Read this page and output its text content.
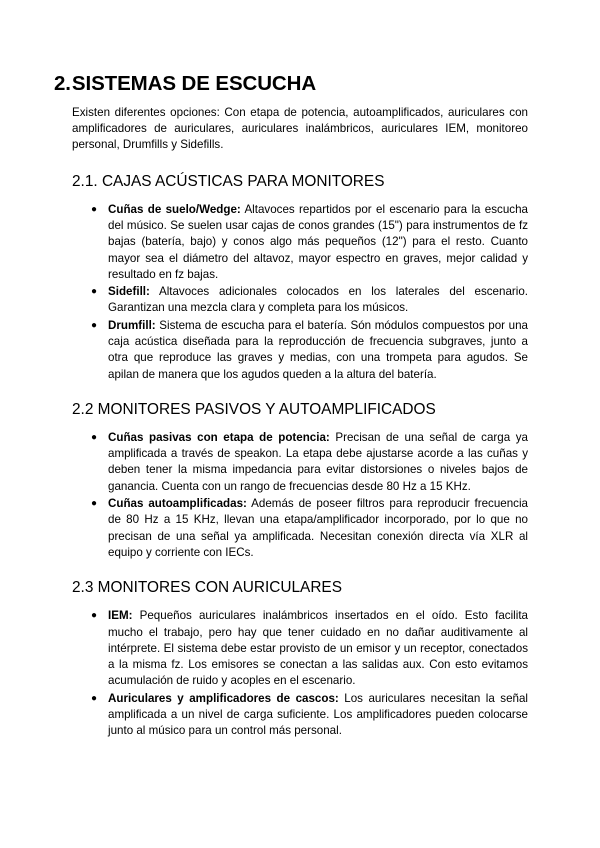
2.SISTEMAS DE ESCUCHA

Existen diferentes opciones: Con etapa de potencia, autoamplificados, auriculares con amplificadores de auriculares, auriculares inalámbricos, auriculares IEM, monitoreo personal, Drumfills y Sidefills.

2.1. CAJAS ACÚSTICAS PARA MONITORES
● Cuñas de suelo/Wedge: Altavoces repartidos por el escenario para la escucha del músico. Se suelen usar cajas de conos grandes (15") para instrumentos de fz bajas (batería, bajo) y conos algo más pequeños (12") para el resto. Cuanto mayor sea el diámetro del altavoz, mayor espectro en graves, mejor calidad y resultado en fz bajas.
● Sidefill: Altavoces adicionales colocados en los laterales del escenario. Garantizan una mezcla clara y completa para los músicos.
● Drumfill: Sistema de escucha para el batería. Són módulos compuestos por una caja acústica diseñada para la reproducción de frecuencia subgraves, junto a otra que reproduce las graves y medias, con una trompeta para agudos. Se apilan de manera que los agudos queden a la altura del batería.
2.2 MONITORES PASIVOS Y AUTOAMPLIFICADOS
● Cuñas pasivas con etapa de potencia: Precisan de una señal de carga ya amplificada a través de speakon. La etapa debe ajustarse acorde a las cuñas y deben tener la misma impedancia para evitar distorsiones o niveles bajos de ganancia. Cuenta con un rango de frecuencias desde 80 Hz a 15 KHz.
● Cuñas autoamplificadas: Además de poseer filtros para reproducir frecuencia de 80 Hz a 15 KHz, llevan una etapa/amplificador incorporado, por lo que no precisan de una señal ya amplificada. Necesitan conexión directa vía XLR al equipo y corriente con IECs.
2.3 MONITORES CON AURICULARES
● IEM: Pequeños auriculares inalámbricos insertados en el oído. Esto facilita mucho el trabajo, pero hay que tener cuidado en no dañar auditivamente al intérprete. El sistema debe estar provisto de un emisor y un receptor, conectados a la misma fz. Los emisores se conectan a las salidas aux. Con esto evitamos acumulación de ruido y acoples en el escenario.
● Auriculares y amplificadores de cascos: Los auriculares necesitan la señal amplificada a un nivel de carga suficiente. Los amplificadores pueden colocarse junto al músico para un control más personal.
